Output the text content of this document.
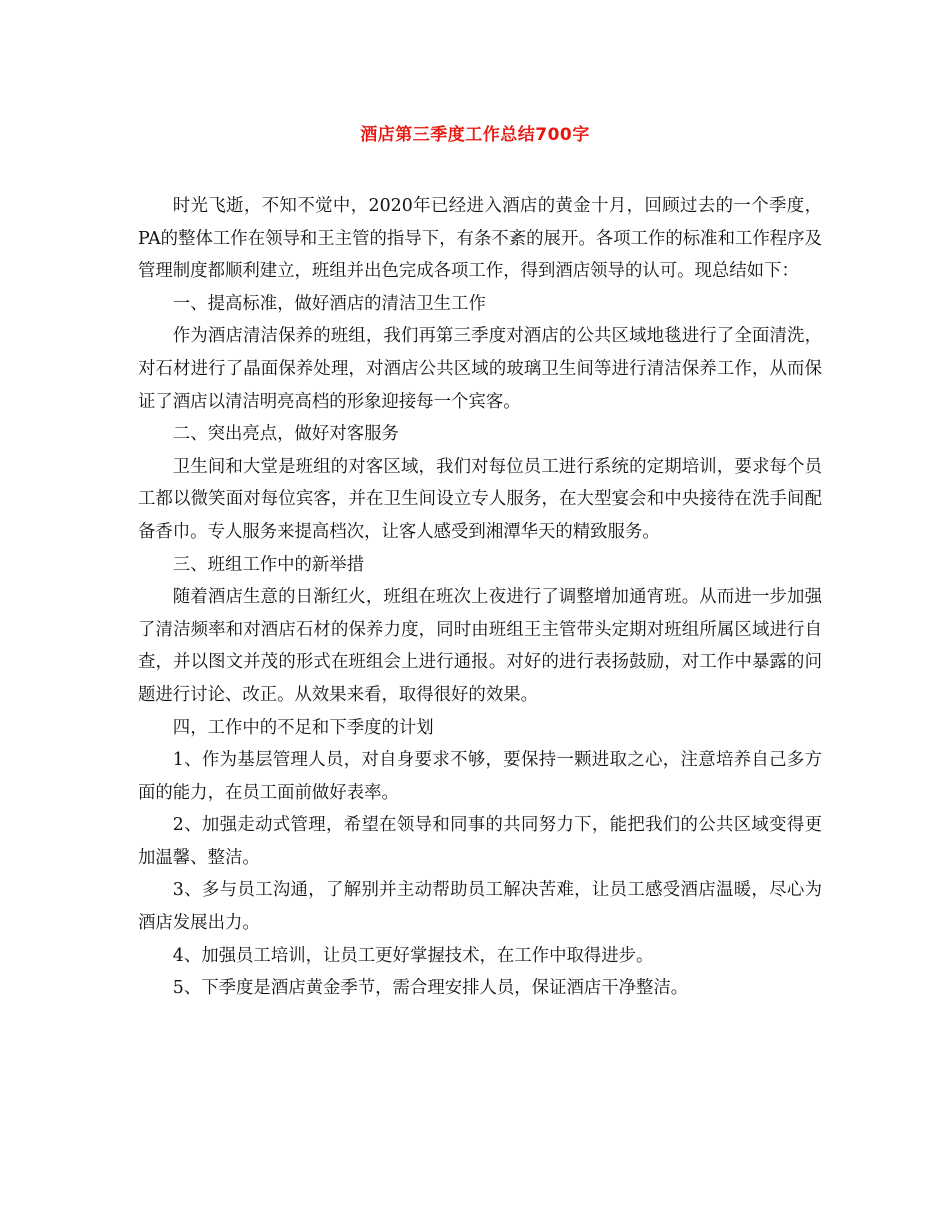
酒店第三季度工作总结700字

时光飞逝，不知不觉中，2020年已经进入酒店的黄金十月，回顾过去的一个季度，PA的整体工作在领导和王主管的指导下，有条不紊的展开。各项工作的标准和工作程序及管理制度都顺利建立，班组并出色完成各项工作，得到酒店领导的认可。现总结如下：

一、提高标准，做好酒店的清洁卫生工作

作为酒店清洁保养的班组，我们再第三季度对酒店的公共区域地毯进行了全面清洗，对石材进行了晶面保养处理，对酒店公共区域的玻璃卫生间等进行清洁保养工作，从而保证了酒店以清洁明亮高档的形象迎接每一个宾客。

二、突出亮点，做好对客服务

卫生间和大堂是班组的对客区域，我们对每位员工进行系统的定期培训，要求每个员工都以微笑面对每位宾客，并在卫生间设立专人服务，在大型宴会和中央接待在洗手间配备香巾。专人服务来提高档次，让客人感受到湘潭华天的精致服务。

三、班组工作中的新举措

随着酒店生意的日渐红火，班组在班次上夜进行了调整增加通宵班。从而进一步加强了清洁频率和对酒店石材的保养力度，同时由班组王主管带头定期对班组所属区域进行自查，并以图文并茂的形式在班组会上进行通报。对好的进行表扬鼓励，对工作中暴露的问题进行讨论、改正。从效果来看，取得很好的效果。

四，工作中的不足和下季度的计划

1、作为基层管理人员，对自身要求不够，要保持一颗进取之心，注意培养自己多方面的能力，在员工面前做好表率。

2、加强走动式管理，希望在领导和同事的共同努力下，能把我们的公共区域变得更加温馨、整洁。

3、多与员工沟通，了解别并主动帮助员工解决苦难，让员工感受酒店温暖，尽心为酒店发展出力。

4、加强员工培训，让员工更好掌握技术，在工作中取得进步。

5、下季度是酒店黄金季节，需合理安排人员，保证酒店干净整洁。
